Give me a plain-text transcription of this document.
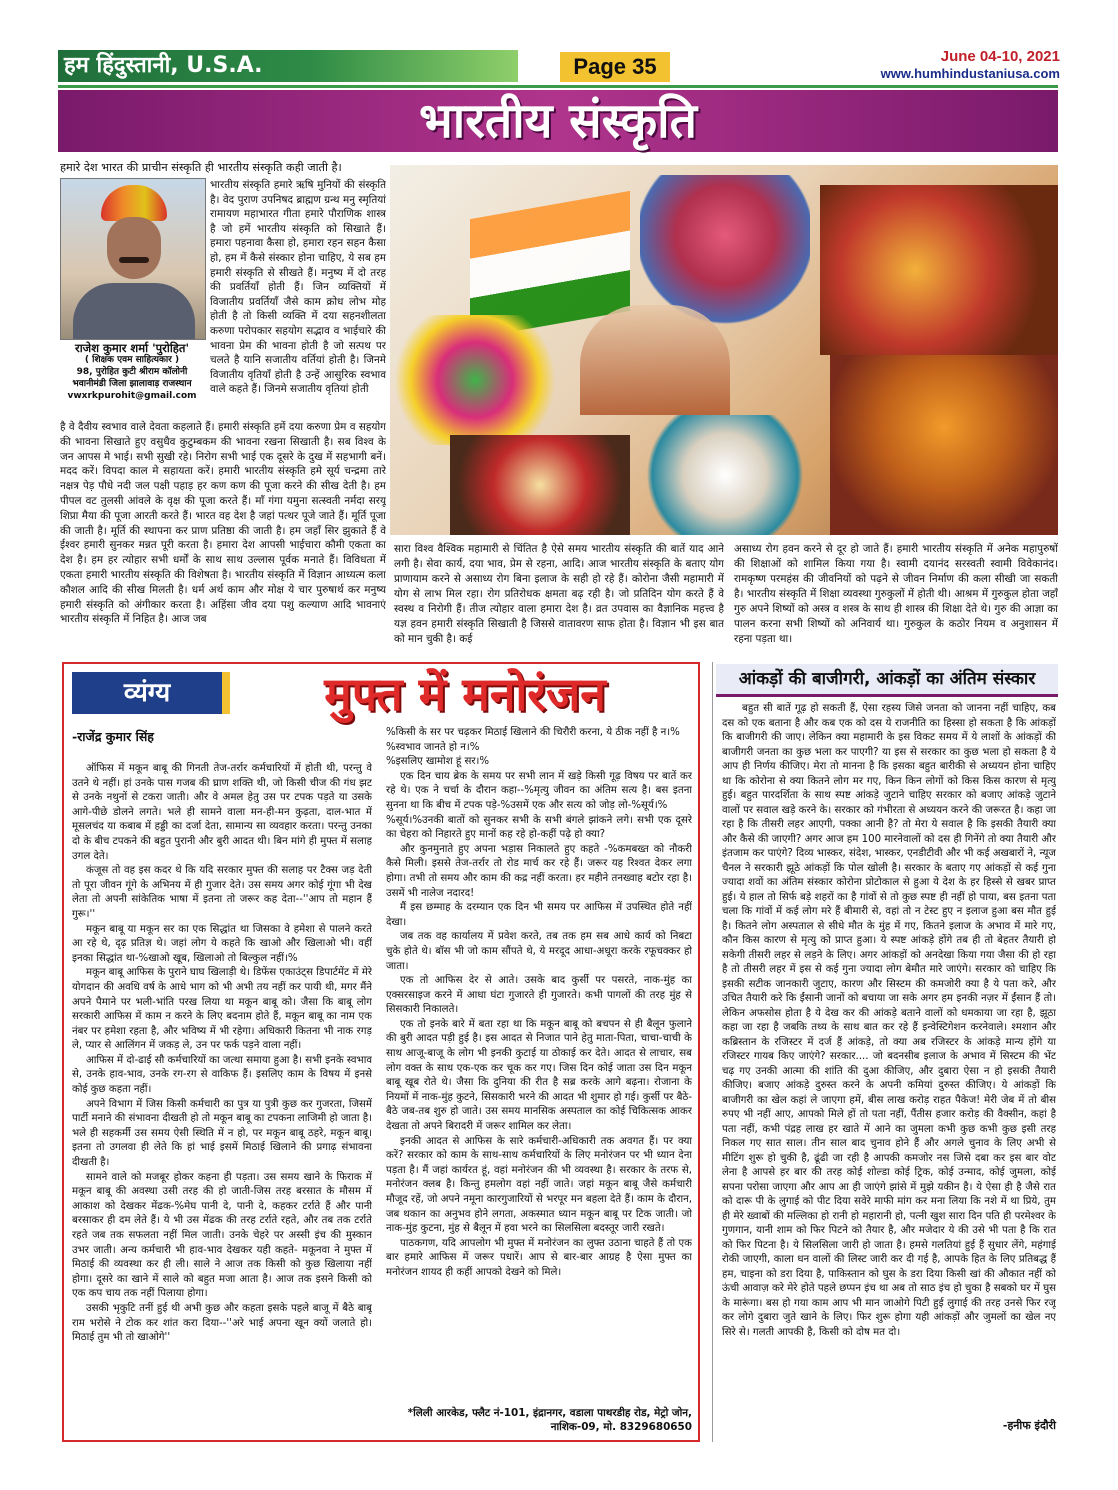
हम हिंदुस्तानी, U.S.A.	Page 35	June 04-10, 2021
www.humhindustaniusa.com
भारतीय संस्कृति
हमारे देश भारत की प्राचीन संस्कृति ही भारतीय संस्कृति कही जाती है।
राजेश कुमार शर्मा 'पुरोहित'
( शिक्षक एवम साहित्यकार )
98, पुरोहित कुटी श्रीराम कॉलोनी भवानीमंडी जिला झालावाड़ राजस्थान
vwxrkpurohit@gmail.com
भारतीय संस्कृति हमारे ऋषि मुनियों की संस्कृति है। वेद पुराण उपनिषद ब्राह्मण ग्रन्थ मनु स्मृतियां रामायण महाभारत गीता हमारे पौराणिक शास्त्र है जो हमें भारतीय संस्कृति को सिखाते हैं। हमारा पहनावा कैसा हो, हमारा रहन सहन कैसा हो, हम में कैसे संस्कार होना चाहिए, ये सब हम हमारी संस्कृति से सीखते हैं। मनुष्य में दो तरह की प्रवर्तियाँ होती हैं। जिन व्यक्तियों में विजातीय प्रवर्तियाँ जैसे काम क्रोध लोभ मोह होती है तो किसी व्यक्ति में दया सहनशीलता करुणा परोपकार सहयोग सद्भाव व भाईचारे की भावना प्रेम की भावना होती है जो सत्पथ पर चलते है यानि सजातीय वर्तियां होती है। जिनमे विजातीय वृतियाँ होती है उन्हें आसुरिक स्वभाव वाले कहते हैं। जिनमे सजातीय वृतियां होती
है वे दैवीय स्वभाव वाले देवता कहलाते हैं। हमारी संस्कृति हमें दया करुणा प्रेम व सहयोग की भावना सिखाते हुए वसुधैव कुटुम्बकम की भावना रखना सिखाती है। सब विश्व के जन आपस मे भाई। सभी सुखी रहे। निरोग सभी भाई एक दूसरे के दुख में सहभागी बनें। मदद करें। विपदा काल मे सहायता करें। हमारी भारतीय संस्कृति हमे सूर्य चन्द्रमा तारे नक्षत्र पेड़ पौधे नदी जल पक्षी पहाड़ हर कण कण की पूजा करने की सीख देती है। हम पीपल वट तुलसी आंवले के वृक्ष की पूजा करते हैं। माँ गंगा यमुना सत्स्वती नर्मदा सरयू शिप्रा मैया की पूजा आरती करते हैं। भारत वह देश है जहां पत्थर पूजे जाते हैं। मूर्ति पूजा की जाती है। मूर्ति की स्थापना कर प्राण प्रतिष्ठा की जाती है। हम जहाँ सिर झुकाते हैं वे ईश्वर हमारी सुनकर मन्नत पूरी करता है। हमारा देश आपसी भाईचारा कौमी एकता का देश है। हम हर त्योहार सभी धर्मों के साथ साथ उल्लास पूर्वक मनाते हैं। विविधता में एकता हमारी भारतीय संस्कृति की विशेषता है। भारतीय संस्कृति में विज्ञान आध्यत्म कला कौशल आदि की सीख मिलती है। धर्म अर्थ काम और मोक्ष ये चार पुरुषार्थ कर मनुष्य हमारी संस्कृति को अंगीकार करता है। अहिंसा जीव दया पशु कल्याण आदि भावनाएं भारतीय संस्कृति में निहित है। आज जब
सारा विश्व वैश्विक महामारी से चिंतित है ऐसे समय भारतीय संस्कृति की बातें याद आने लगी है। सेवा कार्य, दया भाव, प्रेम से रहना, आदि। आज भारतीय संस्कृति के बताए योग प्राणायाम करने से असाध्य रोग बिना इलाज के सही हो रहे हैं। कोरोना जैसी महामारी में योग से लाभ मिल रहा। रोग प्रतिरोधक क्षमता बढ़ रही है। जो प्रतिदिन योग करते हैं वे स्वस्थ व निरोगी हैं। तीज त्योहार वाला हमारा देश है। व्रत उपवास का वैज्ञानिक महत्त्व है यज्ञ हवन हमारी संस्कृति सिखाती है जिससे वातावरण साफ होता है। विज्ञान भी इस बात को मान चुकी है। कई
असाध्य रोग हवन करने से दूर हो जाते हैं। हमारी भारतीय संस्कृति में अनेक महापुरुषों की शिक्षाओं को शामिल किया गया है। स्वामी दयानंद सरस्वती स्वामी विवेकानंद। रामकृष्ण परमहंस की जीवनियों को पढ़ने से जीवन निर्माण की कला सीखी जा सकती है। भारतीय संस्कृति में शिक्षा व्यवस्था गुरुकुलों में होती थी। आश्रम में गुरुकुल होता जहाँ गुरु अपने शिष्यों को अस्त्र व शस्त्र के साथ ही शास्त्र की शिक्षा देते थे। गुरु की आज्ञा का पालन करना सभी शिष्यों को अनिवार्य था। गुरुकुल के कठोर नियम व अनुशासन में रहना पड़ता था।
व्यंग्य	मुफ्त में मनोरंजन
-राजेंद्र कुमार सिंह

ऑफिस में मकून बाबू की गिनती तेज-तर्रार कर्मचारियों में होती थी, परन्तु वे उतने थे नहीं। हां उनके पास गजब की घ्राण शक्ति थी, जो किसी चीज की गंध झट से उनके नथुनों से टकरा जाती। और वे अमल हेतु उस पर टपक पड़ते या उसके आगे-पीछे डोलने लगते। भले ही सामने वाला मन-ही-मन कुढ़ता, दाल-भात में मूसलचंद या कबाब में हड्डी का दर्जा देता, सामान्य सा व्यवहार करता। परन्तु उनका दो के बीच टपकने की बहुत पुरानी और बुरी आदत थी। बिन मांगे ही मुफ्त में सलाह उगल देते।

कंजूस तो वह इस कदर थे कि यदि सरकार मुफ्त की सलाह पर टैक्स जड़ देती तो पूरा जीवन गूंगे के अभिनय में ही गुजार देते। उस समय अगर कोई गूंगा भी देख लेता तो अपनी सांकेतिक भाषा में इतना तो जरूर कह देता--''आप तो महान हैं गुरू।''

मकून बाबू या मकून सर का एक सिद्धांत था जिसका वे हमेशा से पालने करते आ रहे थे, दृढ़ प्रतिज्ञ थे। जहां लोग ये कहते कि खाओ और खिलाओ भी। वहीं इनका सिद्धांत था-%खाओ खूब, खिलाओ तो बिल्कुल नहीं।%

मकून बाबू आफिस के पुराने घाघ खिलाड़ी थे। डिफेंस एकाउंट्स डिपार्टमेंट में मेरे योगदान की अवधि वर्ष के आधे भाग को भी अभी तय नहीं कर पायी थी, मगर मैंने अपने पैमाने पर भली-भांति परख लिया था मकून बाबू को। जैसा कि बाबू लोग सरकारी आफिस में काम न करने के लिए बदनाम होते हैं, मकून बाबू का नाम एक नंबर पर हमेशा रहता है, और भविष्य में भी रहेगा। अधिकारी कितना भी नाक रगड़ ले, प्यार से आलिंगन में जकड़ ले, उन पर फर्क पड़ने वाला नहीं।

आफिस में दो-ढाई सौ कर्मचारियों का जत्था समाया हुआ है। सभी इनके स्वभाव से, उनके हाव-भाव, उनके रग-रग से वाकिफ हैं। इसलिए काम के विषय में इनसे कोई कुछ कहता नहीं।

अपने विभाग में जिस किसी कर्मचारी का पुत्र या पुत्री कुछ कर गुजरता, जिसमें पार्टी मनाने की संभावना दीखती हो तो मकून बाबू का टपकना लाजिमी हो जाता है। भले ही सहकर्मी उस समय ऐसी स्थिति में न हो, पर मकून बाबू ठहरे, मकून बाबू। इतना तो उगलवा ही लेते कि हां भाई इसमें मिठाई खिलाने की प्रगाढ़ संभावना दीखती है।

सामने वाले को मजबूर होकर कहना ही पड़ता। उस समय खाने के फिराक में मकून बाबू की अवस्था उसी तरह की हो जाती-जिस तरह बरसात के मौसम में आकाश को देखकर मेंढक-%मेघ पानी दे, पानी दे, कहकर टर्राते हैं और पानी बरसाकर ही दम लेते हैं। ये भी उस मेंढक की तरह टर्राते रहते, और तब तक टर्राते रहते जब तक सफलता नहीं मिल जाती। उनके चेहरे पर अस्सी इंच की मुस्कान उभर जाती। अन्य कर्मचारी भी हाव-भाव देखकर यही कहते- मकूनवा ने मुफ्त में मिठाई की व्यवस्था कर ही ली। साले ने आज तक किसी को कुछ खिलाया नहीं होगा। दूसरे का खाने में साले को बहुत मजा आता है। आज तक इसने किसी को एक कप चाय तक नहीं पिलाया होगा।

उसकी भृकुटि तनीं हुई थी अभी कुछ और कहता इसके पहले बाजू में बैठे बाबू राम भरोसे ने टोक कर शांत करा दिया--''अरे भाई अपना खून क्यों जलाते हो। मिठाई तुम भी तो खाओगे''

%किसी के सर पर चढ़कर मिठाई खिलाने की चिरौरी करना, ये ठीक नहीं है न।%

%स्वभाव जानते हो न।%

%इसलिए खामोश हूं सर।%

एक दिन चाय ब्रेक के समय पर सभी लान में खड़े किसी गूढ़ विषय पर बातें कर रहे थे। एक ने चर्चा के दौरान कहा--%मृत्यु जीवन का अंतिम सत्य है। बस इतना सुनना था कि बीच में टपक पड़े-%उसमें एक और सत्य को जोड़ लो-%सूर्य।%

%सूर्य।%उनकी बातों को सुनकर सभी के सभी बंगले झांकने लगे। सभी एक दूसरे का चेहरा को निहारते हुए मानों कह रहे हो-कहीं पढ़े हो क्या?

और कुनमुनाते हुए अपना भड़ास निकालते हुए कहते -%कमबख्त को नौकरी कैसे मिली। इससे तेज-तर्रार तो रोड मार्च कर रहे हैं। जरूर यह रिश्वत देकर लगा होगा। तभी तो समय और काम की कद्र नहीं करता। हर महीने तनख्वाह बटोर रहा है। उसमें भी नालेज नदारद!

मैं इस छम्माह के दरम्यान एक दिन भी समय पर आफिस में उपस्थित होते नहीं देखा।

जब तक वह कार्यालय में प्रवेश करते, तब तक हम सब आधे कार्य को निबटा चुके होते थे। बॉस भी जो काम सौंपते थे, ये मरदूद आधा-अधूरा करके रफूचक्कर हो जाता।

एक तो आफिस देर से आते। उसके बाद कुर्सी पर पसरते, नाक-मुंह का एक्सरसाइज करने में आधा घंटा गुजारते ही गुजारते। कभी पागलों की तरह मुंह से सिसकारी निकालते।

एक तो इनके बारे में बता रहा था कि मकून बाबू को बचपन से ही बैलून फुलाने की बुरी आदत पड़ी हुई है। इस आदत से निजात पाने हेतु माता-पिता, चाचा-चाची के साथ आजू-बाजू के लोग भी इनकी कुटाई या ठोकाई कर देते। आदत से लाचार, सब लोग वक्त के साथ एक-एक कर चूक कर गए। जिस दिन कोई जाता उस दिन मकून बाबू खूब रोते थे। जैसा कि दुनिया की रीत है सब्र करके आगे बढ़ना। रोजाना के नियमों में नाक-मुंह कुटने, सिसकारी भरने की आदत भी शुमार हो गई। कुर्सी पर बैठे-बैठे जब-तब शुरु हो जाते। उस समय मानसिक अस्पताल का कोई चिकित्सक आकर देखता तो अपने बिरादरी में जरूर शामिल कर लेता।

इनकी आदत से आफिस के सारे कर्मचारी-अधिकारी तक अवगत हैं। पर क्या करें? सरकार को काम के साथ-साथ कर्मचारियों के लिए मनोरंजन पर भी ध्यान देना पड़ता है। मैं जहां कार्यरत हूं, वहां मनोरंजन की भी व्यवस्था है। सरकार के तरफ से, मनोरंजन क्लब है। किन्तु हमलोग वहां नहीं जाते। जहां मकून बाबू जैसे कर्मचारी मौजूद रहें, जो अपने नमूना कारगुजारियों से भरपूर मन बहला देते हैं। काम के दौरान, जब थकान का अनुभव होने लगता, अकस्मात ध्यान मकून बाबू पर टिक जाती। जो नाक-मुंह कुटना, मुंह से बैलून में हवा भरने का सिलसिला बदस्तूर जारी रखते।

पाठकगण, यदि आपलोग भी मुफ्त में मनोरंजन का लुफ्त उठाना चाहते हैं तो एक बार हमारे आफिस में जरूर पधारें। आप से बार-बार आग्रह है ऐसा मुफ्त का मनोरंजन शायद ही कहीं आपको देखने को मिले।

*लिली आरकेड, फ्लैट नं-101, इंद्रानगर, वडाला पाथरडीह रोड, मेट्रो जोन, नाशिक-09, मो. 8329680650
आंकड़ों की बाजीगरी, आंकड़ों का अंतिम संस्कार
बहुत सी बातें गूढ़ हो सकती हैं, ऐसा रहस्य जिसे जनता को जानना नहीं चाहिए, कब दस को एक बताना है और कब एक को दस ये राजनीति का हिस्सा हो सकता है कि आंकड़ों कि बाजीगरी की जाए। लेकिन क्या महामारी के इस विकट समय में ये लाशों के आंकड़ों की बाजीगरी जनता का कुछ भला कर पाएगी? या इस से सरकार का कुछ भला हो सकता है ये आप ही निर्णय कीजिए। मेरा तो मानना है कि इसका बहुत बारीकी से अध्ययन होना चाहिए था कि कोरोना से क्या कितने लोग मर गए, किन किन लोगों को किस किस कारण से मृत्यु हुई। बहुत पारदर्शिता के साथ स्पष्ट आंकड़े जुटाने चाहिए सरकार को बजाए आंकड़े जुटाने वालों पर सवाल खड़े करने के। सरकार को गंभीरता से अध्ययन करने की जरूरत है। कहा जा रहा है कि तीसरी लहर आएगी, पक्का आनी है? तो मेरा ये सवाल है कि इसकी तैयारी क्या और कैसे की जाएगी? अगर आज हम 100 मारनेवालों को दस ही गिनेंगे तो क्या तैयारी और इंतजाम कर पाएंगे? दिव्य भास्कर, संदेश, भास्कर, एनडीटीवी और भी कई अखबारों ने, न्यूज चैनल ने सरकारी झूठे आंकड़ों कि पोल खोली है। सरकार के बताए गए आंकड़ों से कई गुना ज्यादा शवों का अंतिम संस्कार कोरोना प्रोटोकाल से हुआ ये देश के हर हिस्से से खबर प्राप्त हुई। ये हाल तो सिर्फ बड़े शहरों का है गांवों से तो कुछ स्पष्ट ही नहीं हो पाया, बस इतना पता चला कि गांवों में कई लोग मरे हैं बीमारी से, वहां तो न टेस्ट हुए न इलाज हुआ बस मौत हुई है। कितने लोग अस्पताल से सीधे मौत के मुंह में गए, कितने इलाज के अभाव में मारे गए, कौन किस कारण से मृत्यु को प्राप्त हुआ। ये स्पष्ट आंकड़े होंगे तब ही तो बेहतर तैयारी हो सकेगी तीसरी लहर से लड़ने के लिए। अगर आंकड़ों को अनदेखा किया गया जैसा की हो रहा है तो तीसरी लहर में इस से कई गुना ज्यादा लोग बेमौत मारे जाएंगे। सरकार को चाहिए कि इसकी सटीक जानकारी जुटाए, कारण और सिस्टम की कमजोरी क्या है ये पता करे, और उचित तैयारी करे कि ईंसानी जानों को बचाया जा सके अगर हम इनकी नज़र में ईंसान हैं तो। लेकिन अफसोस होता है ये देख कर की आंकड़े बताने वालों को धमकाया जा रहा है, झूठा कहा जा रहा है जबकि तथ्य के साथ बात कर रहे हैं इन्वेस्टिगेशन करनेवाले। श्मशान और कब्रिस्तान के रजिस्टर में दर्ज हैं आंकड़े, तो क्या अब रजिस्टर के आंकड़े मान्य होंगे या रजिस्टर गायब किए जाएंगे? सरकार.... जो बदनसीब इलाज के अभाव में सिस्टम की भेंट चढ़ गए उनकी आत्मा की शांति की दुआ कीजिए, और दुबारा ऐसा न हो इसकी तैयारी कीजिए। बजाए आंकड़े दुरुस्त करने के अपनी कमियां दुरुस्त कीजिए। ये आंकड़ों कि बाजीगरी का खेल कहां ले जाएगा हमें, बीस लाख करोड़ राहत पैकेज! मेरी जेब में तो बीस रुपए भी नहीं आए, आपको मिले हों तो पता नहीं, पैंतीस हजार करोड़ की वैक्सीन, कहां है पता नहीं, कभी पंद्रह लाख हर खाते में आने का जुमला कभी कुछ कभी कुछ इसी तरह निकल गए सात साल। तीन साल बाद चुनाव होने हैं और अगले चुनाव के लिए अभी से मीटिंग शुरू हो चुकी है, ढूंढी जा रही है आपकी कमजोर नस जिसे दबा कर इस बार वोट लेना है आपसे हर बार की तरह कोई शोल्डा कोई ट्रिक, कोई उन्माद, कोई जुमला, कोई सपना परोसा जाएगा और आप आ ही जाएंगे झांसे में मुझे यकीन है। ये ऐसा ही है जैसे रात को दारू पी के लुगाई को पीट दिया सवेरे माफी मांग कर मना लिया कि नशे में था प्रिये, तुम ही मेरे ख्वाबों की मल्लिका हो रानी हो महारानी हो, पत्नी खुश सारा दिन पति ही परमेश्वर के गुणगान, यानी शाम को फिर पिटने को तैयार है, और मजेदार ये की उसे भी पता है कि रात को फिर पिटना है। ये सिलसिला जारी हो जाता है। हमसे गलतियां हुई हैं सुधार लेंगे, महंगाई रोकी जाएगी, काला धन वालों की लिस्ट जारी कर दी गई है, आपके हित के लिए प्रतिबद्ध हैं हम, चाइना को डरा दिया है, पाकिस्तान को घुस के डरा दिया किसी खां की औकात नहीं को ऊंची आवाज़ करे मेरे होते पहले छप्पन इंच था अब तो साठ इंच हो चुका है सबको घर में घुस के मारूंगा। बस हो गया काम आप भी मान जाओगे पिटी हुई लुगाई की तरह उनसे फिर रजू कर लोगे दुबारा जुते खाने के लिए। फिर शुरू होगा यही आंकड़ों और जुमलों का खेल नए सिरे से। गलती आपकी है, किसी को दोष मत दो।
-हनीफ इंदौरी
